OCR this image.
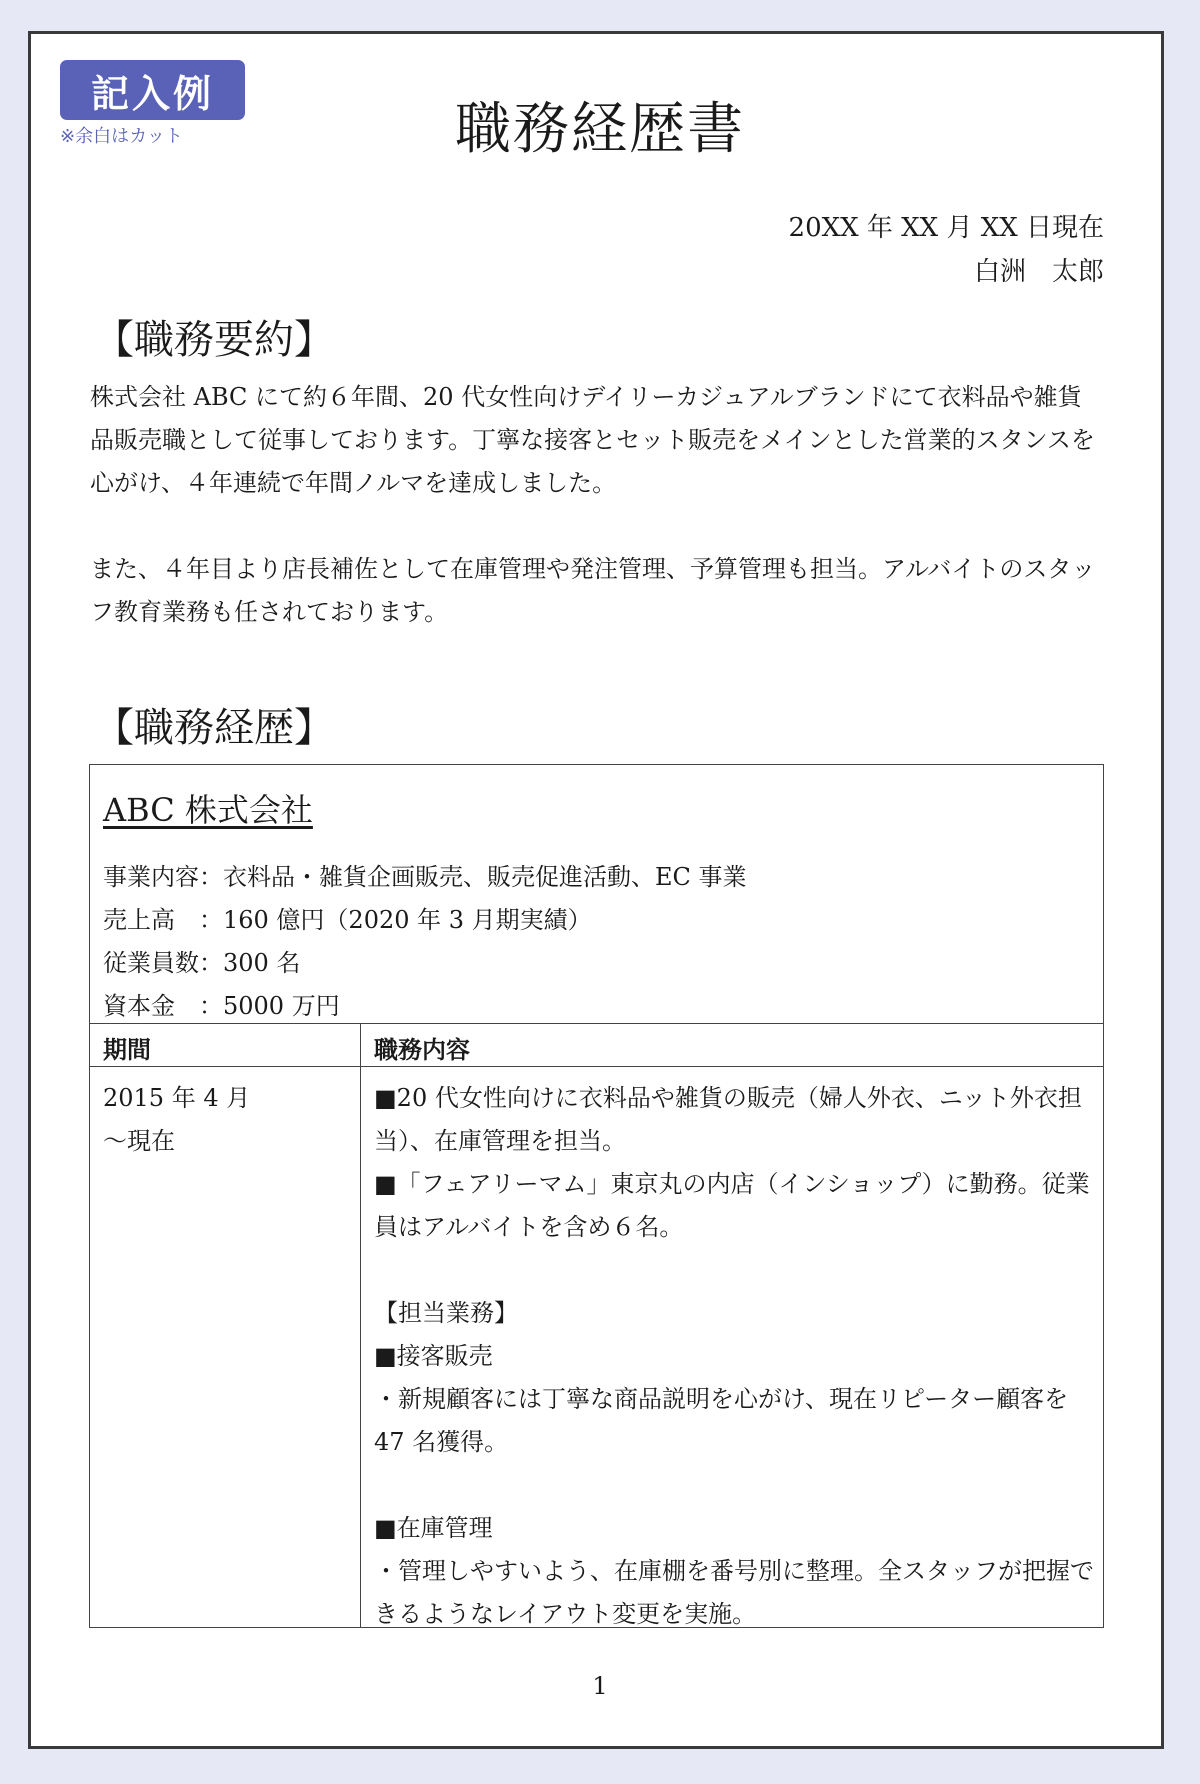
記入例
※余白はカット	職務経歴書
20XX 年 XX 月 XX 日現在
白洲　太郎
【職務要約】

株式会社 ABC にて約６年間、20 代女性向けデイリーカジュアルブランドにて衣料品や雑貨品販売職として従事しております。丁寧な接客とセット販売をメインとした営業的スタンスを心がけ、４年連続で年間ノルマを達成しました。

また、４年目より店長補佐として在庫管理や発注管理、予算管理も担当。アルバイトのスタッフ教育業務も任されております。

【職務経歴】
ABC 株式会社
事業内容：衣料品・雑貨企画販売、販売促進活動、EC 事業
売上高　：160 億円（2020 年 3 月期実績）
従業員数：300 名
資本金　：5000 万円
期間	職務内容
2015 年 4 月
～現在
■20 代女性向けに衣料品や雑貨の販売（婦人外衣、ニット外衣担当）、在庫管理を担当。
■「フェアリーマム」東京丸の内店（インショップ）に勤務。従業員はアルバイトを含め６名。
【担当業務】
■接客販売
・新規顧客には丁寧な商品説明を心がけ、現在リピーター顧客を 47 名獲得。
■在庫管理
・管理しやすいよう、在庫棚を番号別に整理。全スタッフが把握できるようなレイアウト変更を実施。
1
